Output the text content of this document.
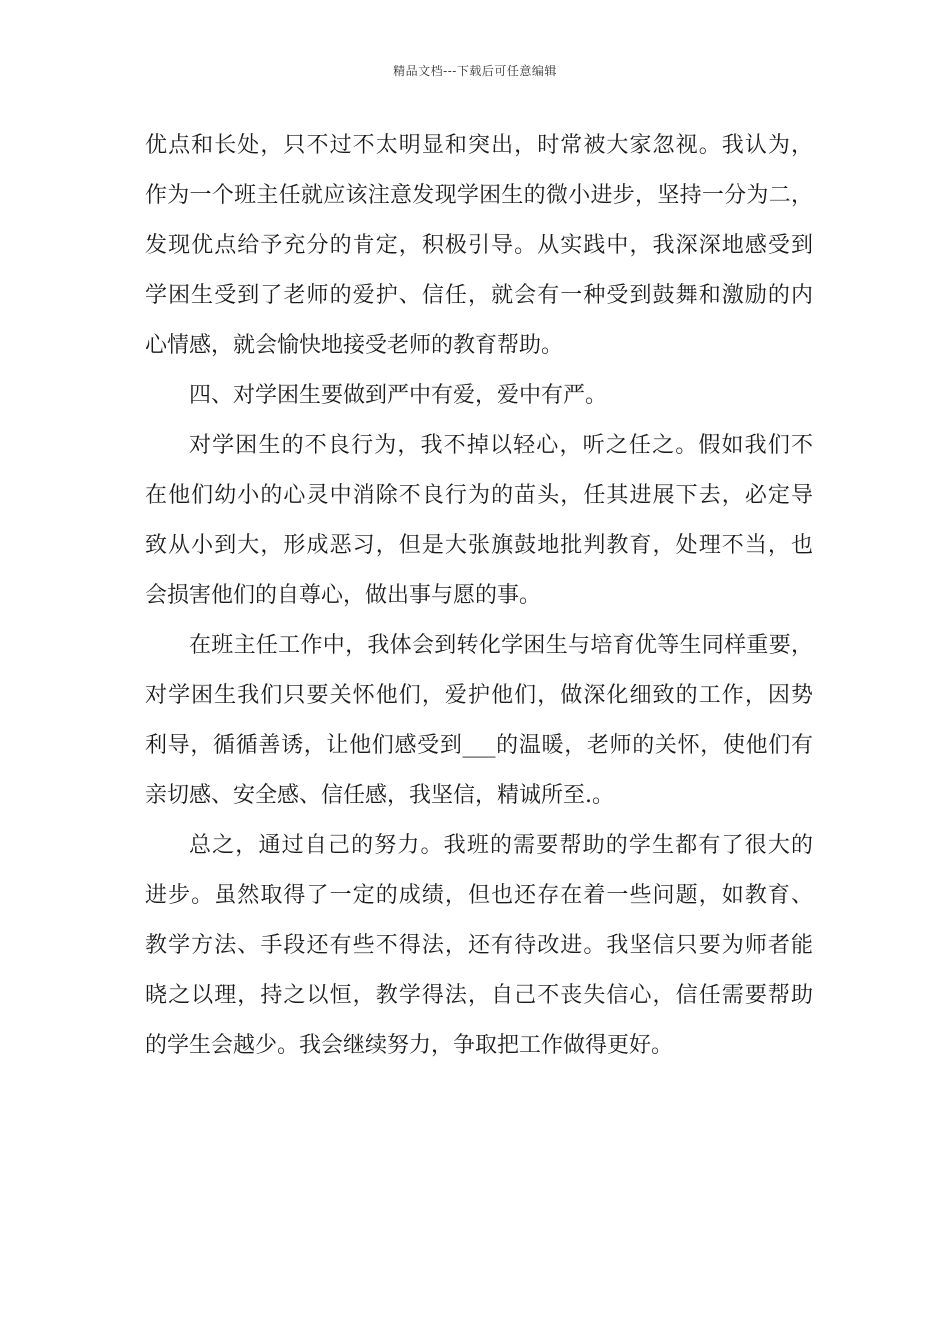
精品文档---下载后可任意编辑
优点和长处，只不过不太明显和突出，时常被大家忽视。我认为，
作为一个班主任就应该注意发现学困生的微小进步，坚持一分为二，
发现优点给予充分的肯定，积极引导。从实践中，我深深地感受到
学困生受到了老师的爱护、信任，就会有一种受到鼓舞和激励的内
心情感，就会愉快地接受老师的教育帮助。
四、对学困生要做到严中有爱，爱中有严。
对学困生的不良行为，我不掉以轻心，听之任之。假如我们不
在他们幼小的心灵中消除不良行为的苗头，任其进展下去，必定导
致从小到大，形成恶习，但是大张旗鼓地批判教育，处理不当，也
会损害他们的自尊心，做出事与愿的事。
在班主任工作中，我体会到转化学困生与培育优等生同样重要，
对学困生我们只要关怀他们，爱护他们，做深化细致的工作，因势
利导，循循善诱，让他们感受到___的温暖，老师的关怀，使他们有
亲切感、安全感、信任感，我坚信，精诚所至.。
总之，通过自己的努力。我班的需要帮助的学生都有了很大的
进步。虽然取得了一定的成绩，但也还存在着一些问题，如教育、
教学方法、手段还有些不得法，还有待改进。我坚信只要为师者能
晓之以理，持之以恒，教学得法，自己不丧失信心，信任需要帮助
的学生会越少。我会继续努力，争取把工作做得更好。
